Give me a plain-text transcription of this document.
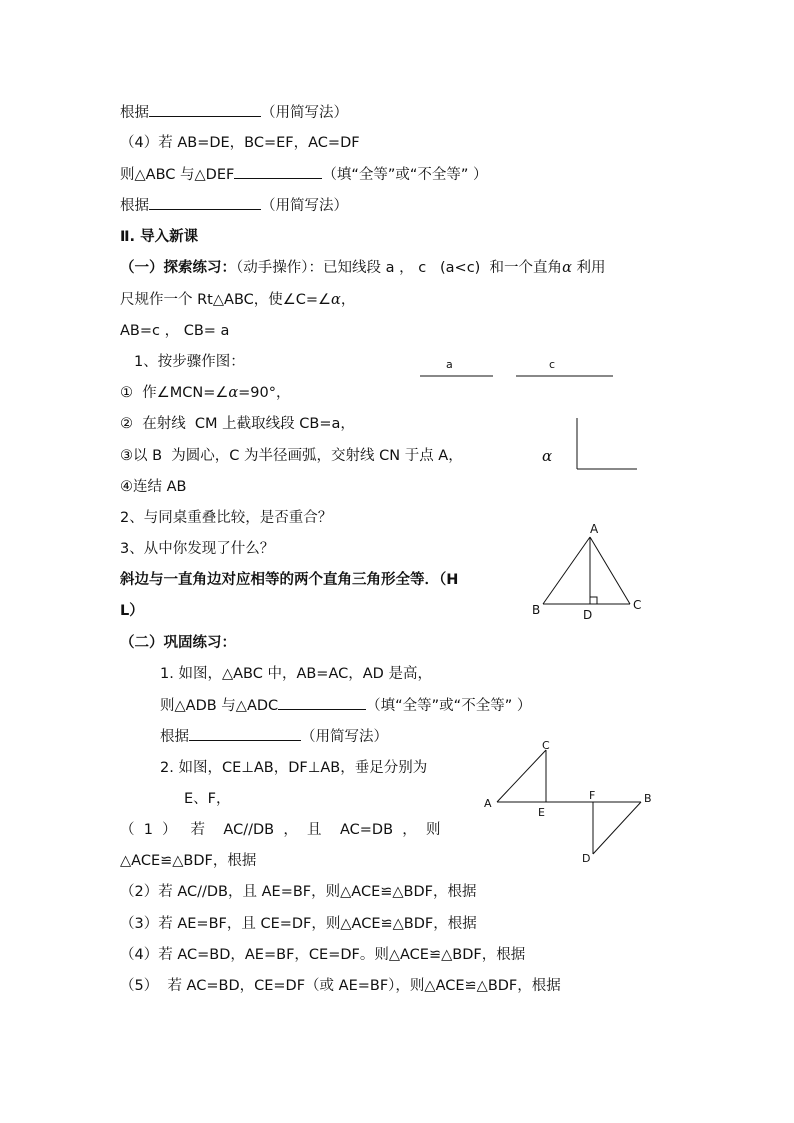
根据	（用简写法）
（4）若 AB=DE，BC=EF，AC=DF
则△ABC 与△DEF	（填“全等”或“不全等” ）
根据	（用简写法）
Ⅱ. 导入新课
（一）探索练习：（动手操作）：已知线段 a ， c   (a<c)  和一个直角α 利用
尺规作一个 Rt△ABC，使∠C=∠α，
AB=c ， CB= a
1、按步骤作图：
①  作∠MCN=∠α=90°，
②  在射线  CM 上截取线段 CB=a，
③以 B  为圆心，C 为半径画弧，交射线 CN 于点 A，
④连结 AB
2、与同桌重叠比较，是否重合？
3、从中你发现了什么？
斜边与一直角边对应相等的两个直角三角形全等．（H
L）
（二）巩固练习：
1. 如图，△ABC 中，AB=AC，AD 是高，
则△ADB 与△ADC	（填“全等”或“不全等” ）
根据	（用简写法）
2. 如图，CE⊥AB，DF⊥AB，垂足分别为
E、F，
（  1  ）   若    AC//DB  ，  且    AC=DB  ，  则
△ACE≌△BDF，根据
（2）若 AC//DB，且 AE=BF，则△ACE≌△BDF，根据
（3）若 AE=BF，且 CE=DF，则△ACE≌△BDF，根据
（4）若 AC=BD，AE=BF，CE=DF。则△ACE≌△BDF，根据
（5）  若 AC=BD，CE=DF（或 AE=BF），则△ACE≌△BDF，根据
a	c
α
A
B	C
D
A	B
C
D
E
F
